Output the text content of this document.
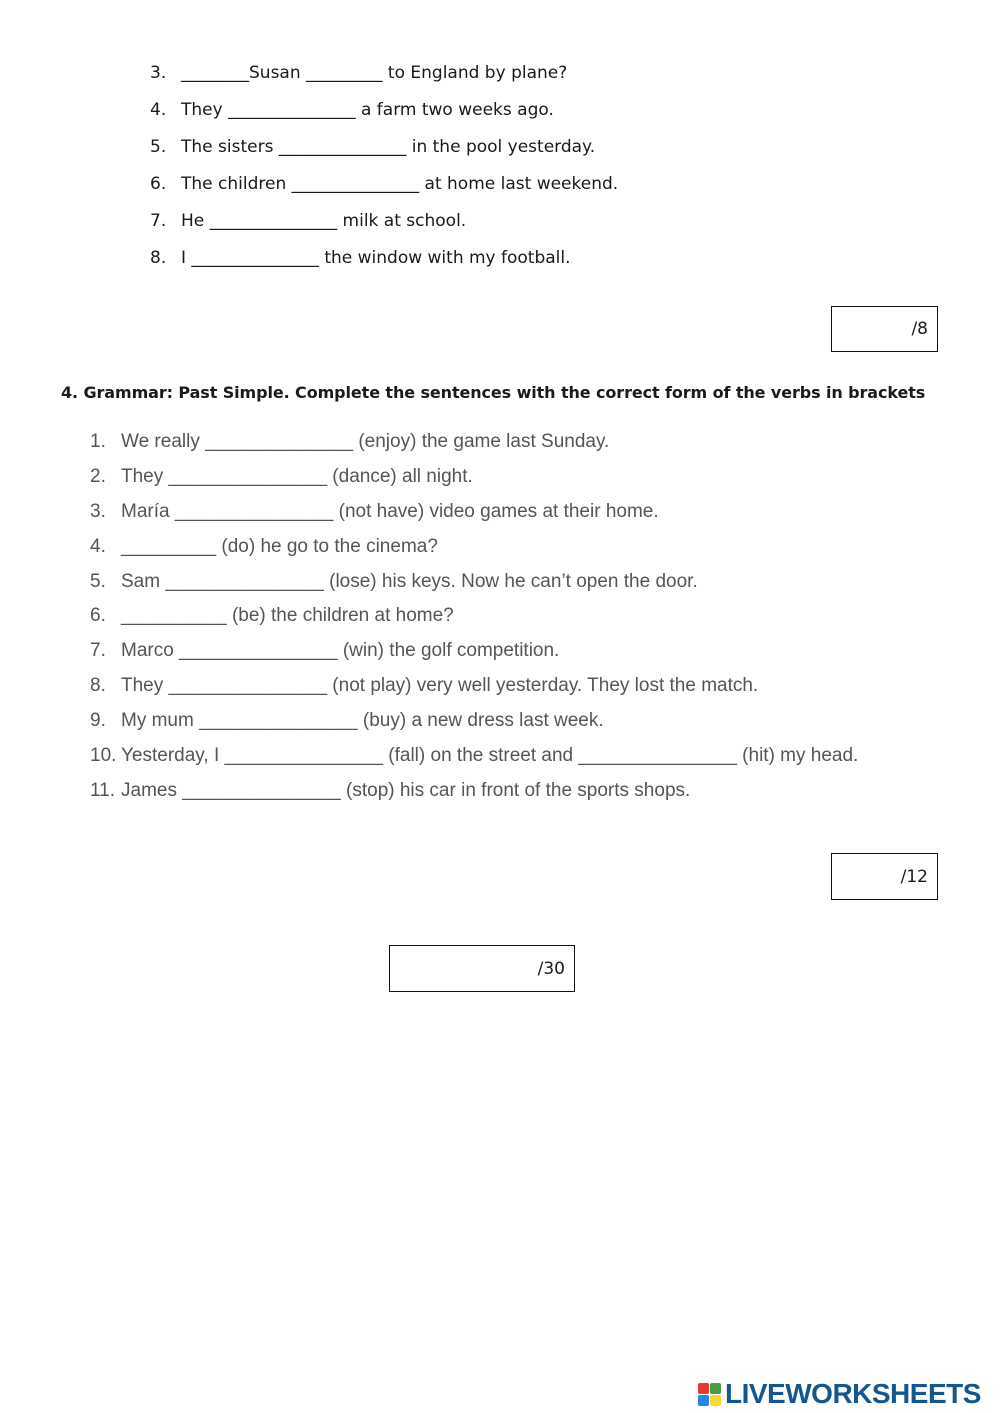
3. ________Susan _________ to England by plane?
4. They _______________ a farm two weeks ago.
5. The sisters _______________ in the pool yesterday.
6. The children _______________ at home last weekend.
7. He _______________ milk at school.
8. I _______________ the window with my football.
/8
4. Grammar: Past Simple. Complete the sentences with the correct form of the verbs in brackets
1. We really ______________ (enjoy) the game last Sunday.
2. They _______________ (dance) all night.
3. María _______________ (not have) video games at their home.
4. _________ (do) he go to the cinema?
5. Sam _______________ (lose) his keys. Now he can’t open the door.
6. __________ (be) the children at home?
7. Marco _______________ (win) the golf competition.
8. They _______________ (not play) very well yesterday. They lost the match.
9. My mum _______________ (buy) a new dress last week.
10. Yesterday, I _______________ (fall) on the street and _______________ (hit) my head.
11. James _______________ (stop) his car in front of the sports shops.
/12
/30
LIVEWORKSHEETS
